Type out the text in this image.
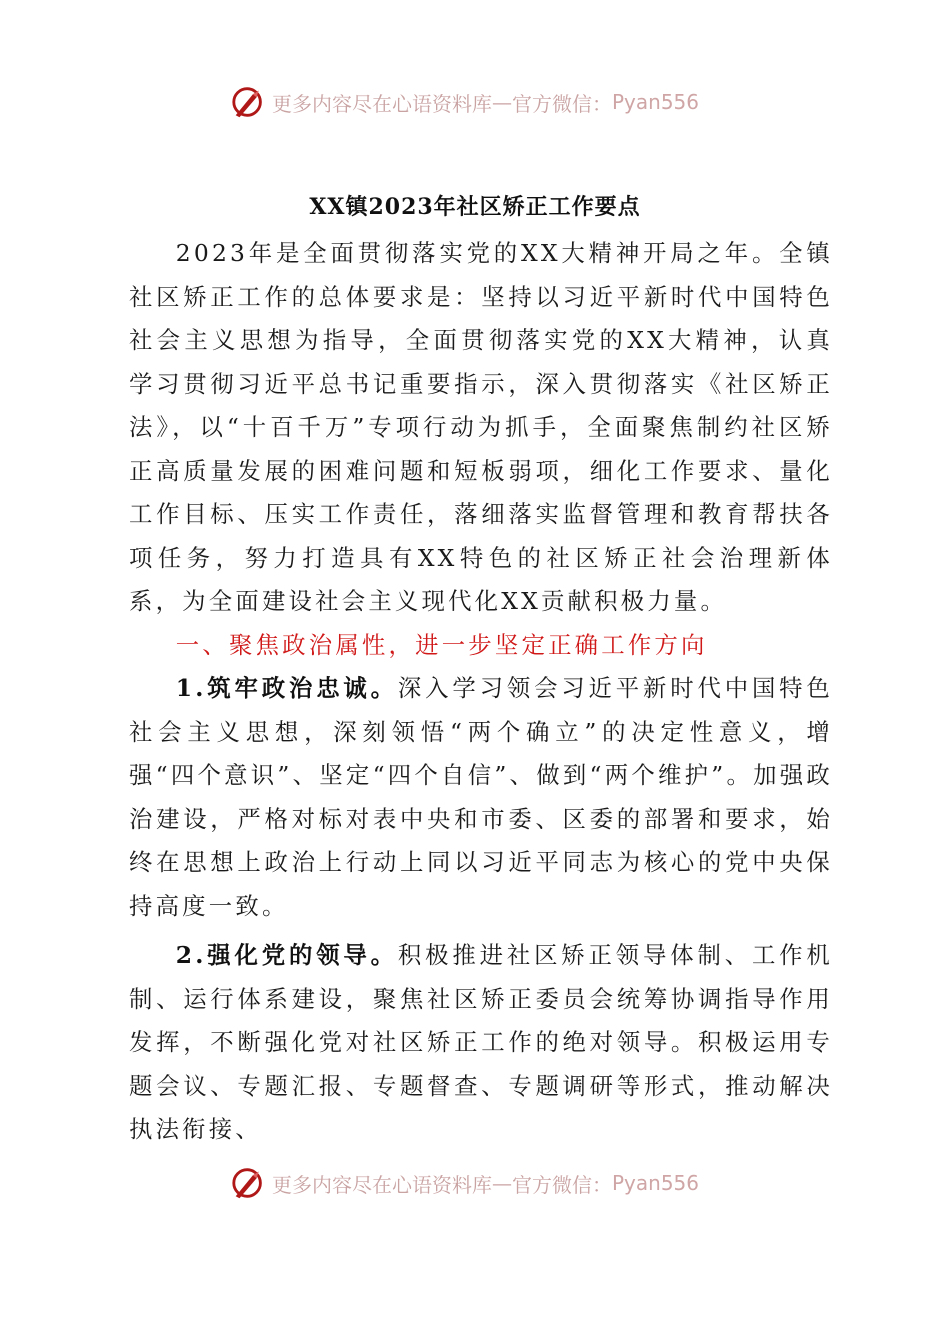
更多内容尽在心语资料库 — 官方微信： Pyan556
XX镇2023年社区矫正工作要点

2023年是全面贯彻落实党的XX大精神开局之年。全镇社区矫正工作的总体要求是：坚持以习近平新时代中国特色社会主义思想为指导，全面贯彻落实党的XX大精神，认真学习贯彻习近平总书记重要指示，深入贯彻落实《社区矫正法》，以“十百千万”专项行动为抓手，全面聚焦制约社区矫正高质量发展的困难问题和短板弱项，细化工作要求、量化工作目标、压实工作责任，落细落实监督管理和教育帮扶各项任务，努力打造具有XX特色的社区矫正社会治理新体系，为全面建设社会主义现代化XX贡献积极力量。

一、聚焦政治属性，进一步坚定正确工作方向

1.筑牢政治忠诚。深入学习领会习近平新时代中国特色社会主义思想，深刻领悟“两个确立”的决定性意义，增强“四个意识”、坚定“四个自信”、做到“两个维护”。加强政治建设，严格对标对表中央和市委、区委的部署和要求，始终在思想上政治上行动上同以习近平同志为核心的党中央保持高度一致。

2.强化党的领导。积极推进社区矫正领导体制、工作机制、运行体系建设，聚焦社区矫正委员会统筹协调指导作用发挥，不断强化党对社区矫正工作的绝对领导。积极运用专题会议、专题汇报、专题督查、专题调研等形式，推动解决执法衔接、

更多内容尽在心语资料库 — 官方微信： Pyan556
